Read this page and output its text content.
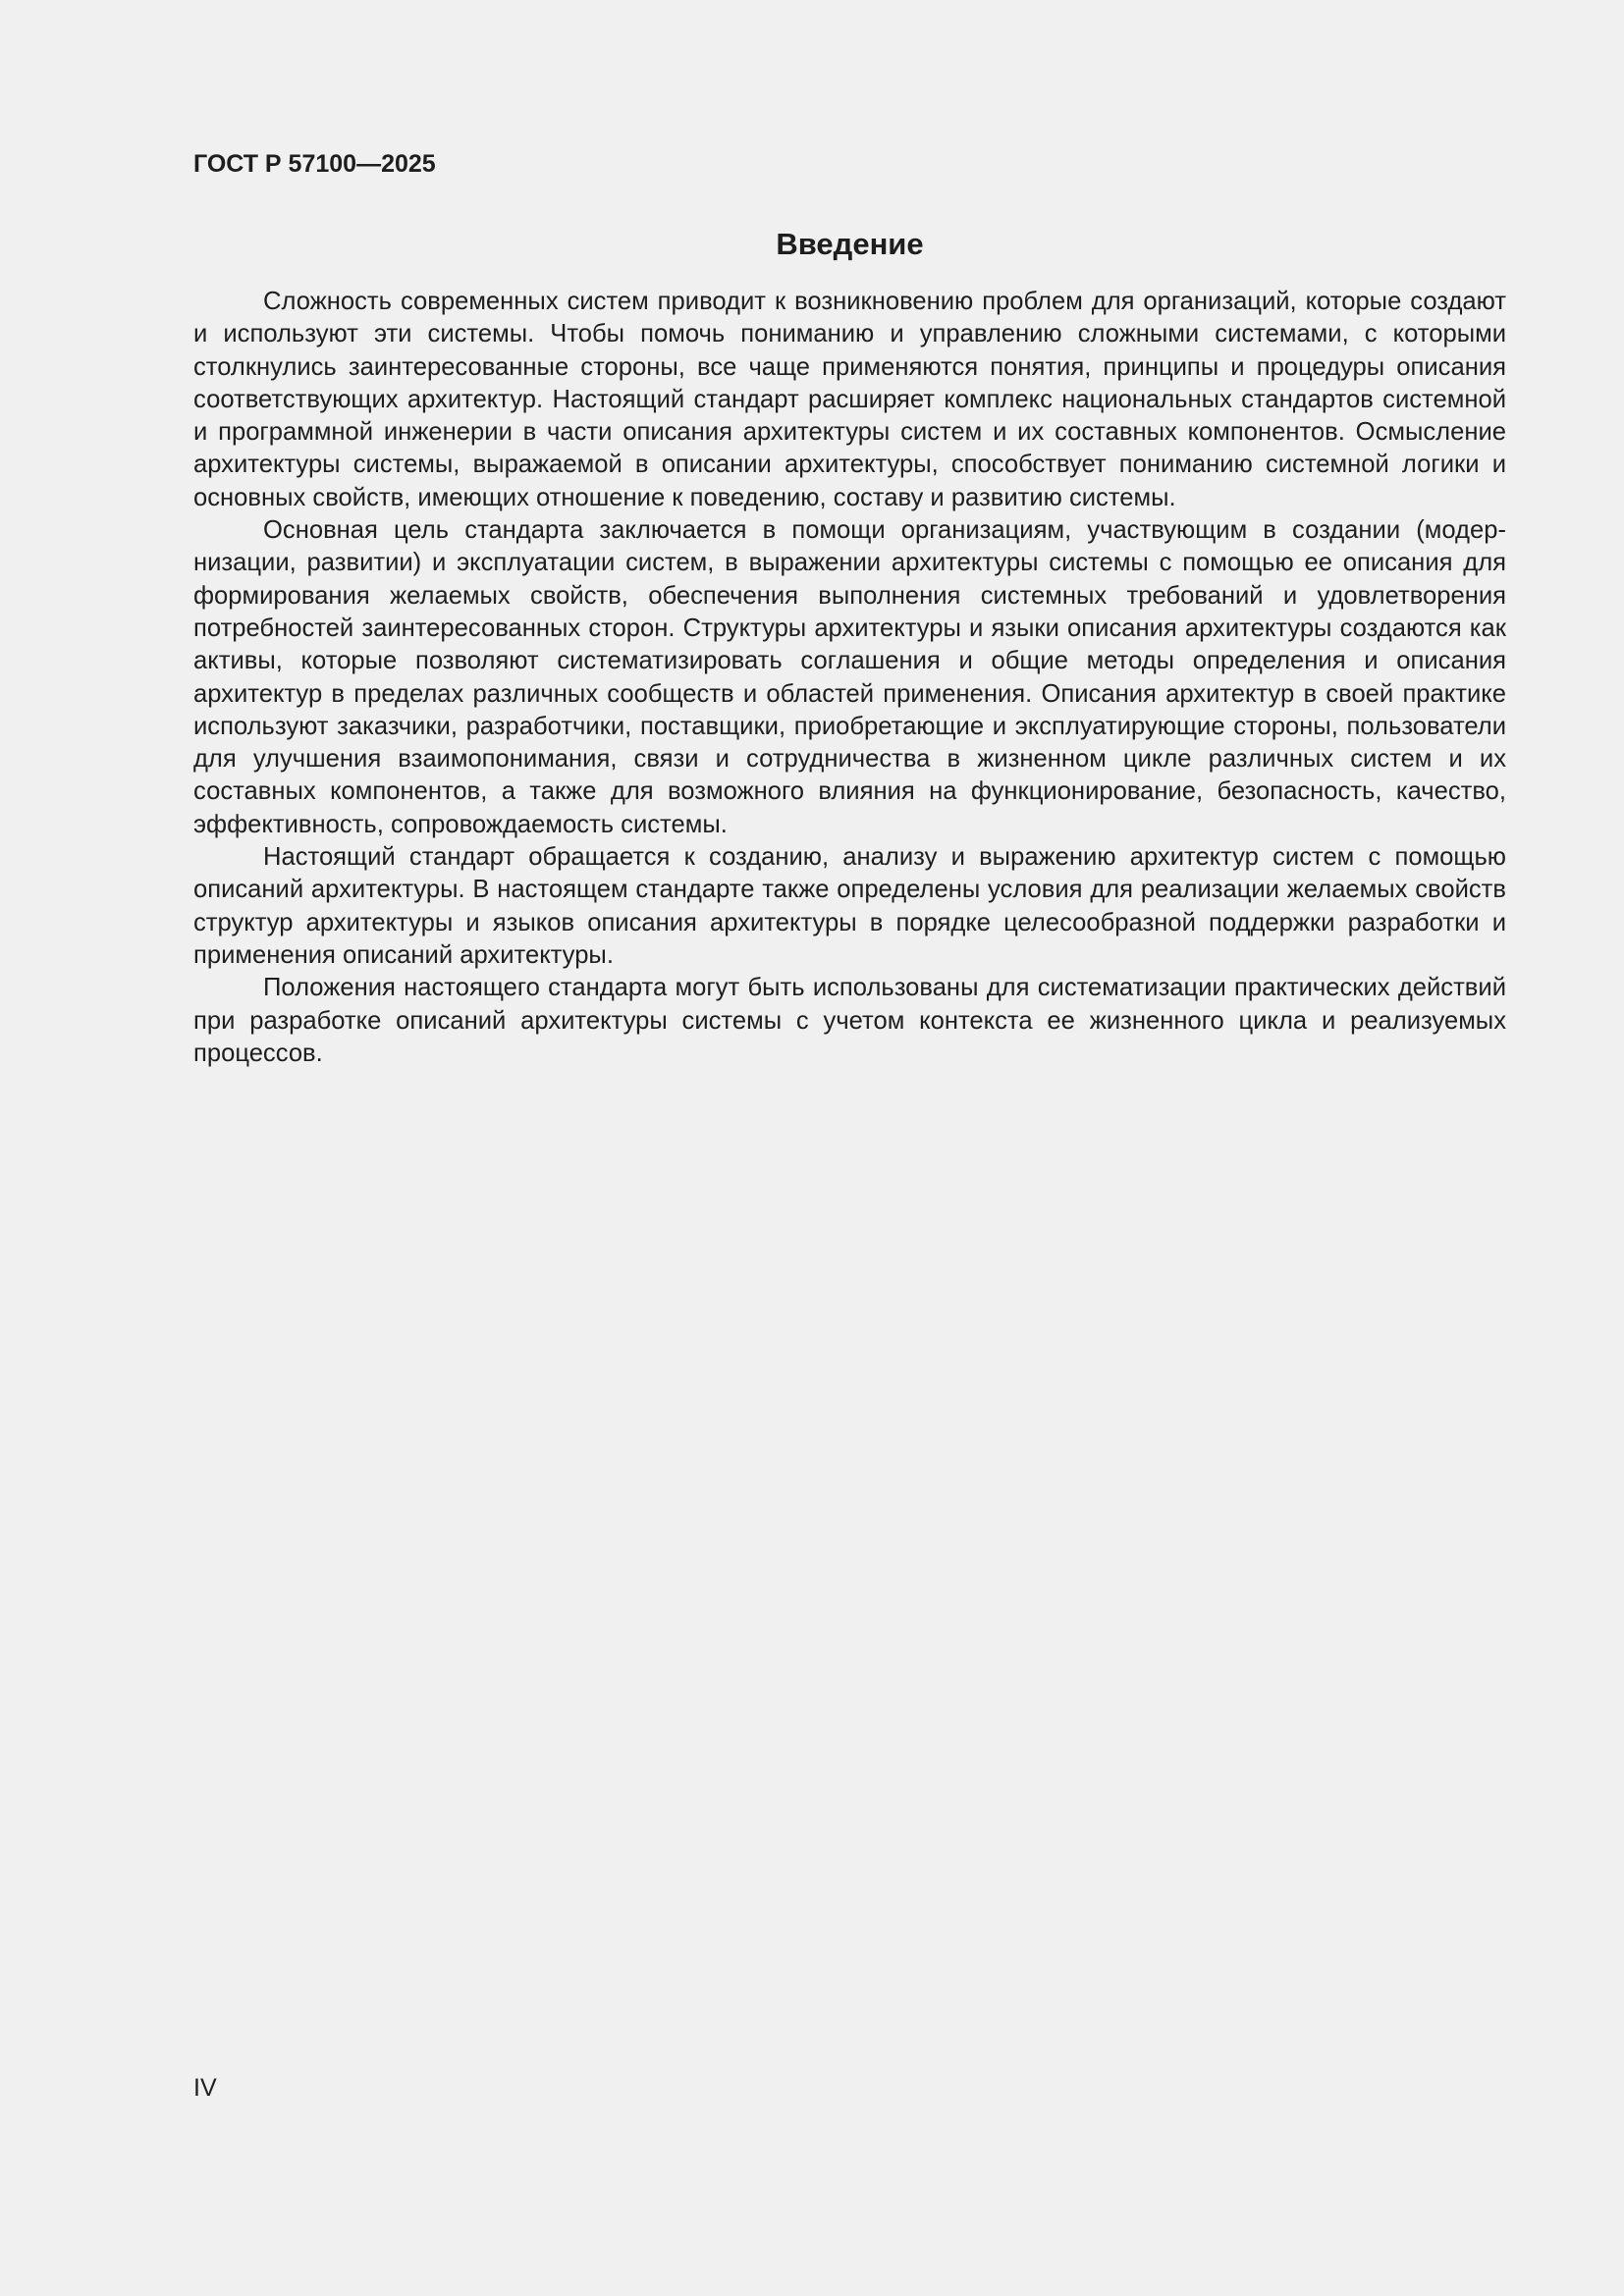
ГОСТ Р 57100—2025
Введение

Сложность современных систем приводит к возникновению проблем для организаций, которые создают и используют эти системы. Чтобы помочь пониманию и управлению сложными системами, с которыми столкнулись заинтересованные стороны, все чаще применяются понятия, принципы и процедуры описания соответствующих архитектур. Настоящий стандарт расширяет комплекс национальных стандартов системной и программной инженерии в части описания архитектуры систем и их составных компонентов. Осмысление архитектуры системы, выражаемой в описании архитектуры, способствует пониманию системной логики и основных свойств, имеющих отношение к поведению, составу и развитию системы.

Основная цель стандарта заключается в помощи организациям, участвующим в создании (модернизации, развитии) и эксплуатации систем, в выражении архитектуры системы с помощью ее описания для формирования желаемых свойств, обеспечения выполнения системных требований и удовлетворения потребностей заинтересованных сторон. Структуры архитектуры и языки описания архитектуры создаются как активы, которые позволяют систематизировать соглашения и общие методы определения и описания архитектур в пределах различных сообществ и областей применения. Описания архитектур в своей практике используют заказчики, разработчики, поставщики, приобретающие и эксплуатирующие стороны, пользователи для улучшения взаимопонимания, связи и сотрудничества в жизненном цикле различных систем и их составных компонентов, а также для возможного влияния на функционирование, безопасность, качество, эффективность, сопровождаемость системы.

Настоящий стандарт обращается к созданию, анализу и выражению архитектур систем с помощью описаний архитектуры. В настоящем стандарте также определены условия для реализации желаемых свойств структур архитектуры и языков описания архитектуры в порядке целесообразной поддержки разработки и применения описаний архитектуры.

Положения настоящего стандарта могут быть использованы для систематизации практических действий при разработке описаний архитектуры системы с учетом контекста ее жизненного цикла и реализуемых процессов.

IV
